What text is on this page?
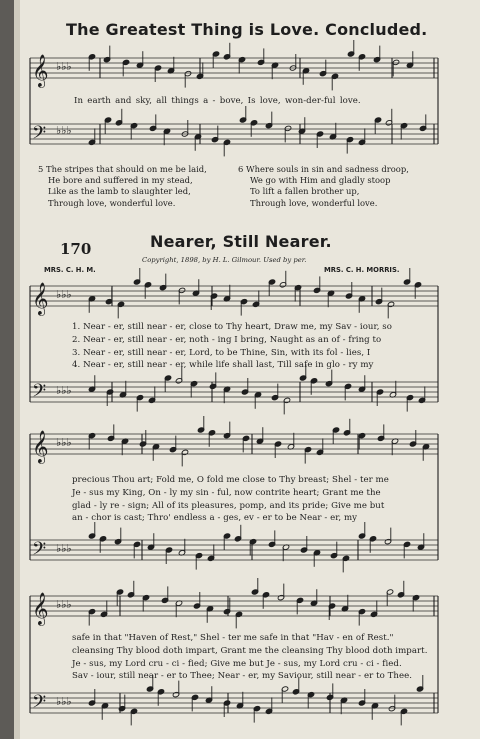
𝄞
𝄢
𝄞
𝄢
𝄞
𝄢
𝄞
𝄢
♭♭♭
♭♭♭
♭♭♭
♭♭♭
♭♭♭
♭♭♭
♭♭♭
♭♭♭
The Greatest Thing is Love. Concluded.
In earth and sky, all things a - bove, Is love, won-der-ful love.
5 The stripes that should on me be laid,
He bore and suffered in my stead,
Like as the lamb to slaughter led,
Through love, wonderful love.
6 Where souls in sin and sadness droop,
We go with Him and gladly stoop
To lift a fallen brother up,
Through love, wonderful love.
170	Nearer, Still Nearer.
MRS. C. H. M.
Copyright, 1898, by H. L. Gilmour. Used by per.
MRS. C. H. MORRIS.
1. Near - er, still near - er, close to Thy heart, Draw me, my Sav - iour, so
2. Near - er, still near - er, noth - ing I bring, Naught as an of - fring to
3. Near - er, still near - er, Lord, to be Thine, Sin, with its fol - lies, I
4. Near - er, still near - er, while life shall last, Till safe in glo - ry my
precious Thou art; Fold me, O fold me close to Thy breast; Shel - ter me
Je - sus my King, On - ly my sin - ful, now contrite heart; Grant me the
glad - ly re - sign; All of its pleasures, pomp, and its pride; Give me but
an - chor is cast; Thro' endless a - ges, ev - er to be Near - er, my
safe in that "Haven of Rest," Shel - ter me safe in that "Hav - en of Rest."
cleansing Thy blood doth impart, Grant me the cleansing Thy blood doth impart.
Je - sus, my Lord cru - ci - fied; Give me but Je - sus, my Lord cru - ci - fied.
Sav - iour, still near - er to Thee; Near - er, my Saviour, still near - er to Thee.
